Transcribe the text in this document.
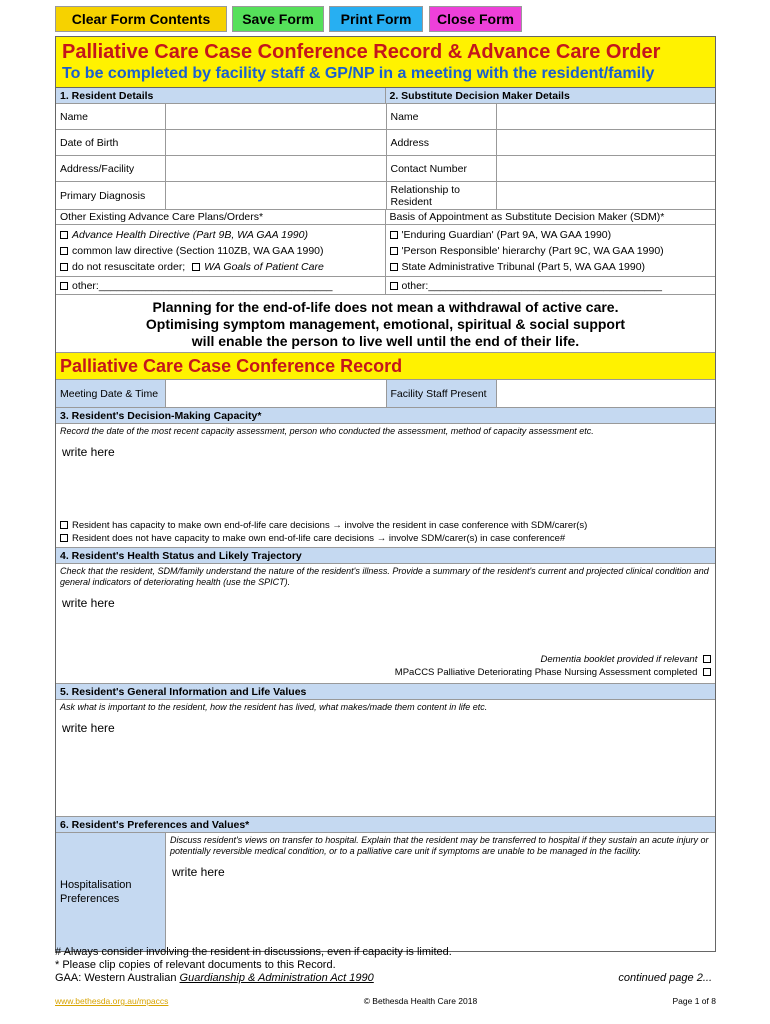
Clear Form Contents	Save Form	Print Form	Close Form
Palliative Care Case Conference Record & Advance Care Order
To be completed by facility staff & GP/NP in a meeting with the resident/family
1. Resident Details	2. Substitute Decision Maker Details
Name	Name
Date of Birth	Address
Address/Facility	Contact Number
Primary Diagnosis	Relationship to Resident
Other Existing Advance Care Plans/Orders*	Basis of Appointment as Substitute Decision Maker (SDM)*
Advance Health Directive (Part 9B, WA GAA 1990)
common law directive (Section 110ZB, WA GAA 1990)
do not resuscitate order; WA Goals of Patient Care
'Enduring Guardian' (Part 9A, WA GAA 1990)
'Person Responsible' hierarchy (Part 9C, WA GAA 1990)
State Administrative Tribunal (Part 5, WA GAA 1990)
other:________________________________________	other:________________________________________
Planning for the end-of-life does not mean a withdrawal of active care.
Optimising symptom management, emotional, spiritual & social support
will enable the person to live well until the end of their life.
Palliative Care Case Conference Record
Meeting Date & Time	Facility Staff Present
3. Resident's Decision-Making Capacity*
Record the date of the most recent capacity assessment, person who conducted the assessment, method of capacity assessment etc.
write here
Resident has capacity to make own end-of-life care decisions → involve the resident in case conference with SDM/carer(s)
Resident does not have capacity to make own end-of-life care decisions → involve SDM/carer(s) in case conference#
4. Resident's Health Status and Likely Trajectory
Check that the resident, SDM/family understand the nature of the resident's illness. Provide a summary of the resident's current and projected clinical condition and general indicators of deteriorating health (use the SPICT).
write here
Dementia booklet provided if relevant
MPaCCS Palliative Deteriorating Phase Nursing Assessment completed
5. Resident's General Information and Life Values
Ask what is important to the resident, how the resident has lived, what makes/made them content in life etc.
write here
6. Resident's Preferences and Values*
Hospitalisation Preferences
Discuss resident's views on transfer to hospital. Explain that the resident may be transferred to hospital if they sustain an acute injury or potentially reversible medical condition, or to a palliative care unit if symptoms are unable to be managed in the facility.
write here
# Always consider involving the resident in discussions, even if capacity is limited.
* Please clip copies of relevant documents to this Record.
GAA: Western Australian Guardianship & Administration Act 1990	continued page 2...
www.bethesda.org.au/mpaccs	© Bethesda Health Care 2018	Page 1 of 8
